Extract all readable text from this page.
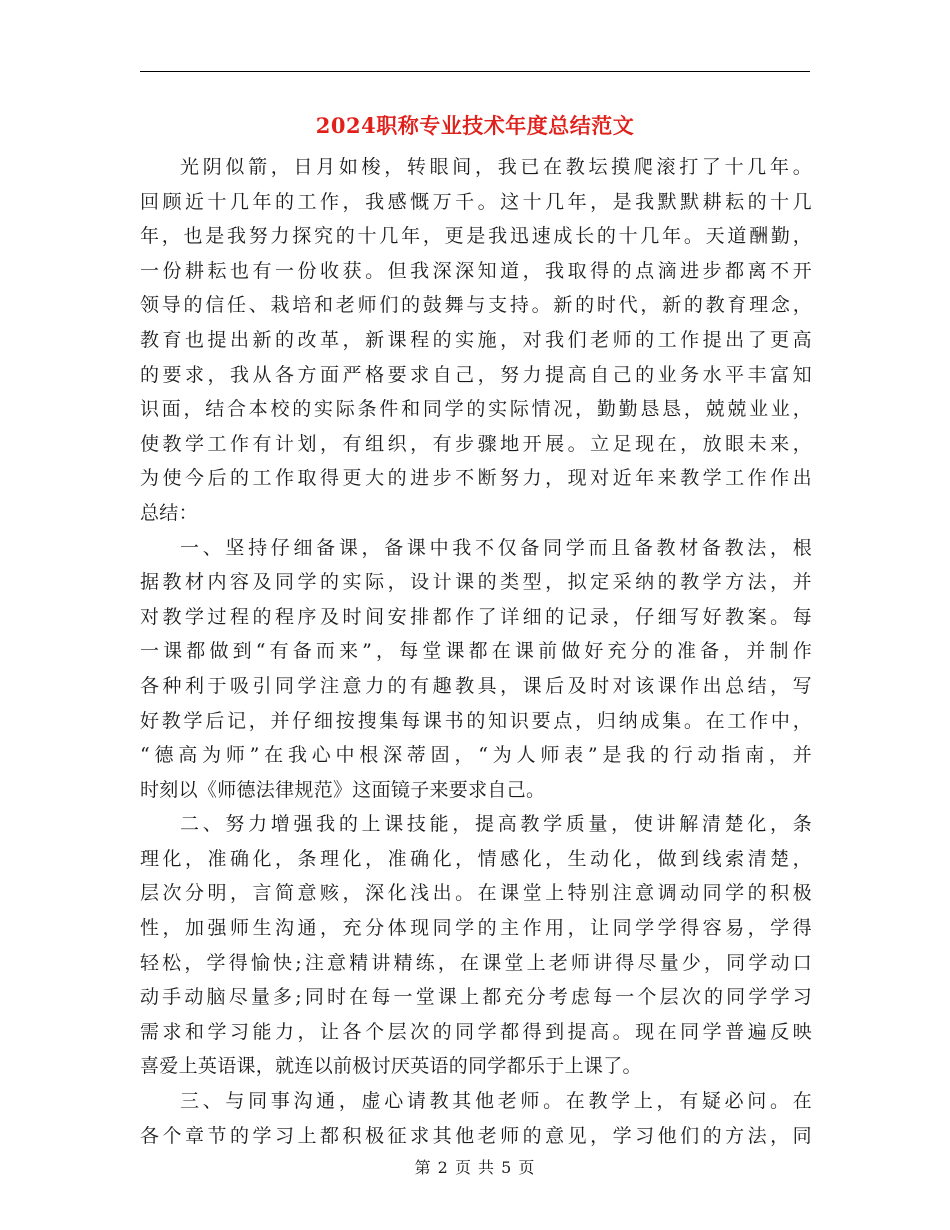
2024职称专业技术年度总结范文
光阴似箭，日月如梭，转眼间，我已在教坛摸爬滚打了十几年。
回顾近十几年的工作，我感慨万千。这十几年，是我默默耕耘的十几
年，也是我努力探究的十几年，更是我迅速成长的十几年。天道酬勤，
一份耕耘也有一份收获。但我深深知道，我取得的点滴进步都离不开
领导的信任、栽培和老师们的鼓舞与支持。新的时代，新的教育理念，
教育也提出新的改革，新课程的实施，对我们老师的工作提出了更高
的要求，我从各方面严格要求自己，努力提高自己的业务水平丰富知
识面，结合本校的实际条件和同学的实际情况，勤勤恳恳，兢兢业业，
使教学工作有计划，有组织，有步骤地开展。立足现在，放眼未来，
为使今后的工作取得更大的进步不断努力，现对近年来教学工作作出
总结：
一、坚持仔细备课，备课中我不仅备同学而且备教材备教法，根
据教材内容及同学的实际，设计课的类型，拟定采纳的教学方法，并
对教学过程的程序及时间安排都作了详细的记录，仔细写好教案。每
一课都做到“有备而来”，每堂课都在课前做好充分的准备，并制作
各种利于吸引同学注意力的有趣教具，课后及时对该课作出总结，写
好教学后记，并仔细按搜集每课书的知识要点，归纳成集。在工作中，
“德高为师”在我心中根深蒂固，“为人师表”是我的行动指南，并
时刻以《师德法律规范》这面镜子来要求自己。
二、努力增强我的上课技能，提高教学质量，使讲解清楚化，条
理化，准确化，条理化，准确化，情感化，生动化，做到线索清楚，
层次分明，言简意赅，深化浅出。在课堂上特别注意调动同学的积极
性，加强师生沟通，充分体现同学的主作用，让同学学得容易，学得
轻松，学得愉快;注意精讲精练，在课堂上老师讲得尽量少，同学动口
动手动脑尽量多;同时在每一堂课上都充分考虑每一个层次的同学学习
需求和学习能力，让各个层次的同学都得到提高。现在同学普遍反映
喜爱上英语课，就连以前极讨厌英语的同学都乐于上课了。
三、与同事沟通，虚心请教其他老师。在教学上，有疑必问。在
各个章节的学习上都积极征求其他老师的意见，学习他们的方法，同
第 2 页 共 5 页
